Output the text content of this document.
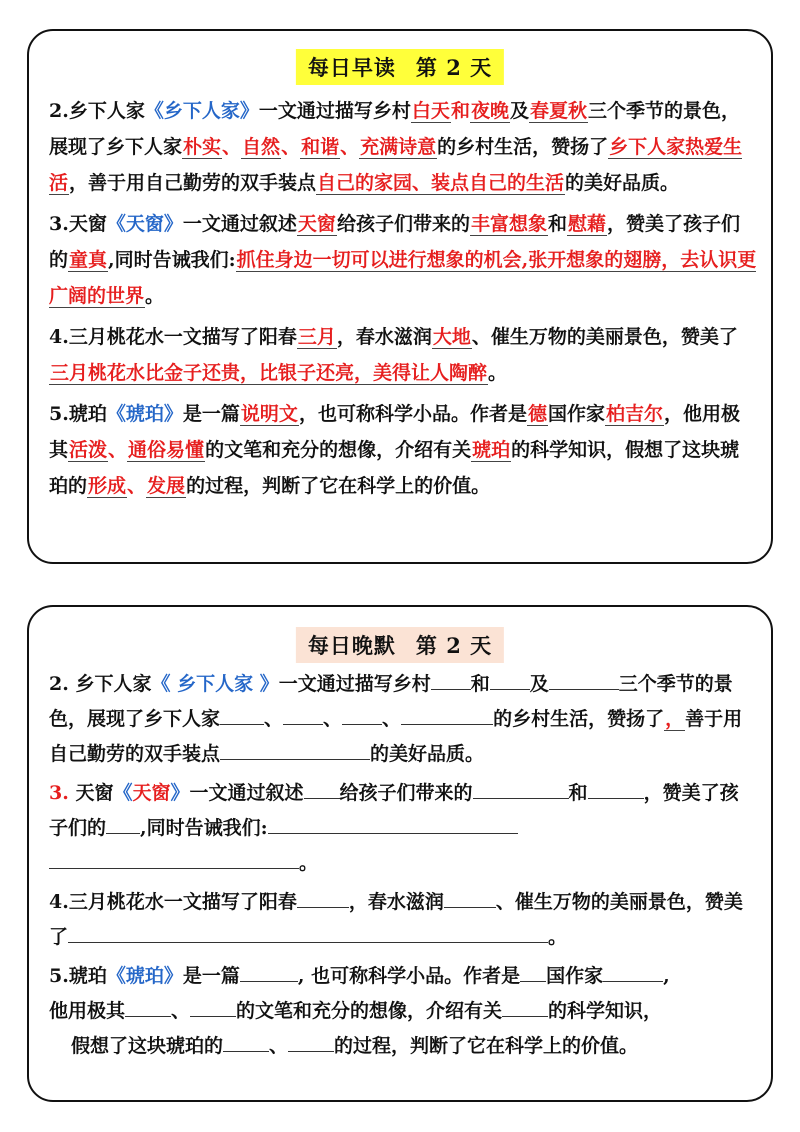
每日早读 第 2 天

2.乡下人家《乡下人家》一文通过描写乡村白天和夜晚及春夏秋三个季节的景色，展现了乡下人家朴实、自然、和谐、充满诗意的乡村生活，赞扬了乡下人家热爱生活，善于用自己勤劳的双手装点自己的家园、装点自己的生活的美好品质。

3.天窗《天窗》一文通过叙述天窗给孩子们带来的丰富想象和慰藉，赞美了孩子们的童真,同时告诫我们:抓住身边一切可以进行想象的机会,张开想象的翅膀，去认识更广阔的世界。

4.三月桃花水一文描写了阳春三月，春水滋润大地、催生万物的美丽景色，赞美了三月桃花水比金子还贵，比银子还亮，美得让人陶醉。

5.琥珀《琥珀》是一篇说明文，也可称科学小品。作者是德国作家柏吉尔，他用极其活泼、通俗易懂的文笔和充分的想像，介绍有关琥珀的科学知识，假想了这块琥珀的形成、发展的过程，判断了它在科学上的价值。

每日晚默 第 2 天

2. 乡下人家《 乡下人家 》一文通过描写乡村 和 及	三个季节的景色，展现了乡下人家 、 、 、	的乡村生活，赞扬了，善于用自己勤劳的双手装点	的美好品质。

3. 天窗《天窗》一文通过叙述 给孩子们带来的	和	，赞美了孩子们的 ,同时告诫我们:
。

4.三月桃花水一文描写了阳春	，春水滋润	、催生万物的美丽景色，赞美了	。

5.琥珀《琥珀》是一篇	, 也可称科学小品。作者是 国作家	,
他用极其 、 的文笔和充分的想像，介绍有关 的科学知识，
假想了这块琥珀的 、 的过程，判断了它在科学上的价值。
